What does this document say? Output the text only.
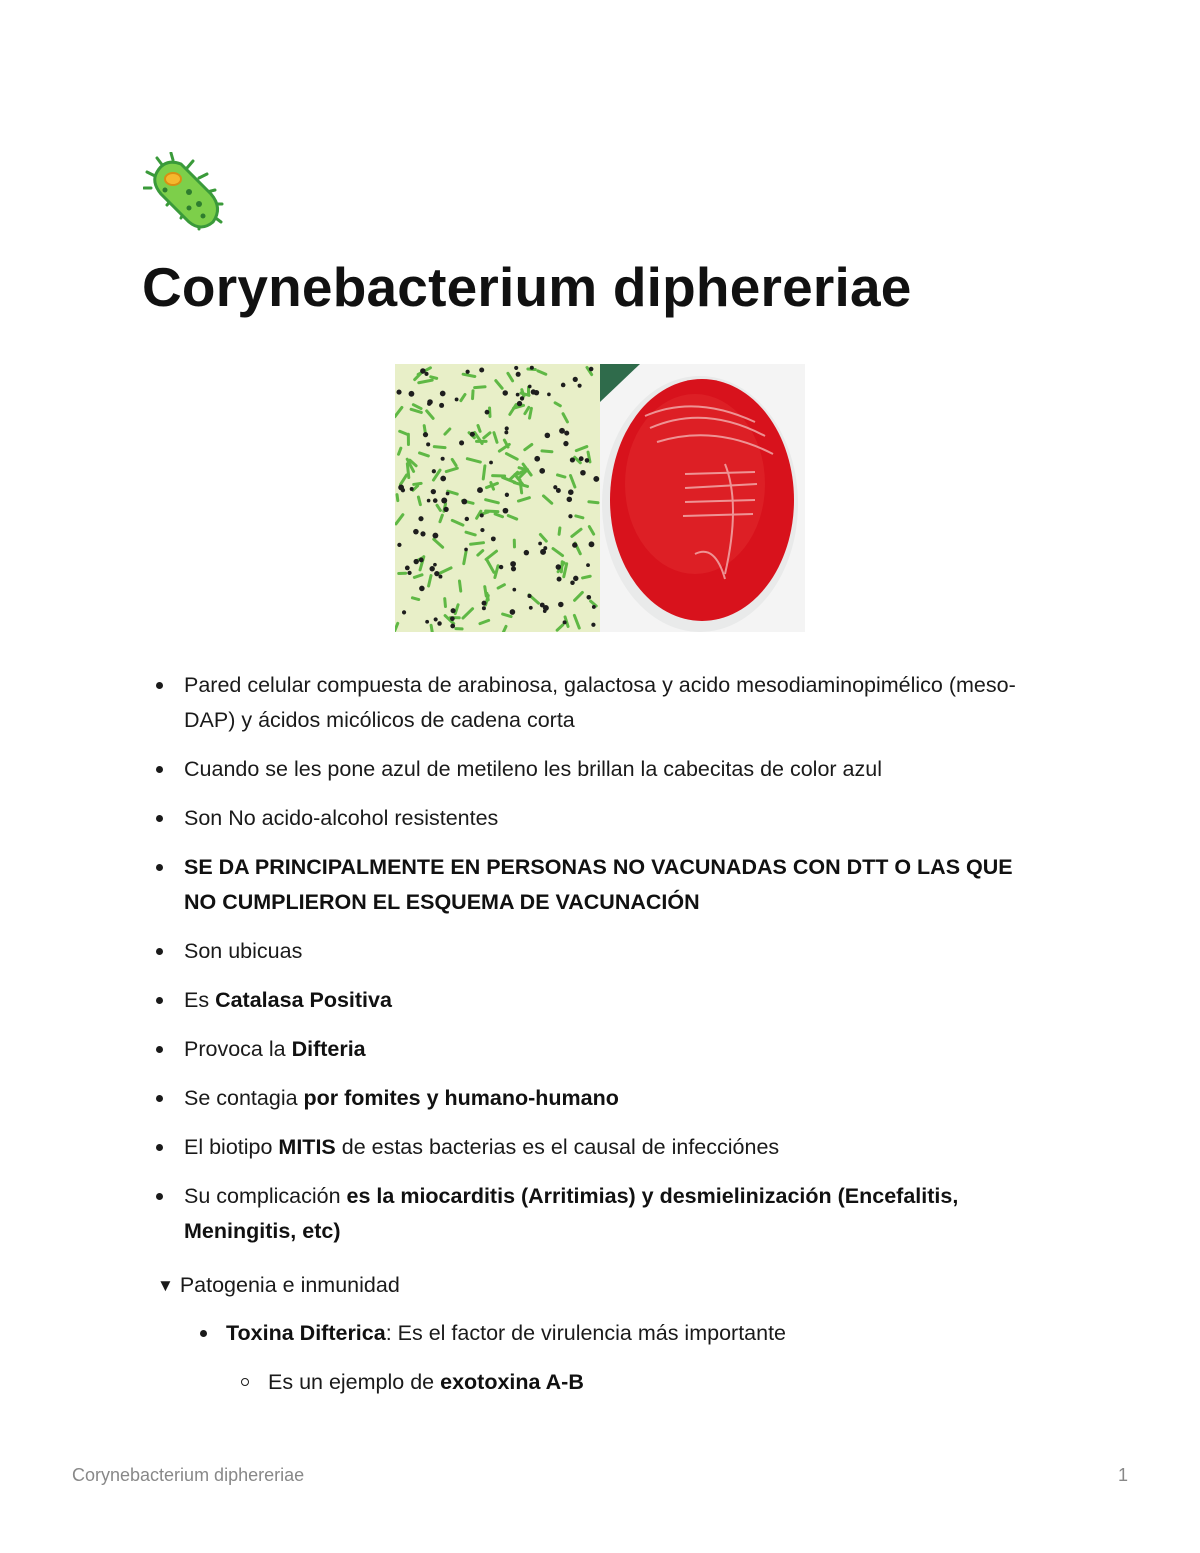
Corynebacterium diphereriae
Pared celular compuesta de arabinosa, galactosa y acido mesodiaminopimélico (meso-DAP) y ácidos micólicos de cadena corta
Cuando se les pone azul de metileno les brillan la cabecitas de color azul
Son No acido-alcohol resistentes
SE DA PRINCIPALMENTE EN PERSONAS NO VACUNADAS CON DTT O LAS QUE NO CUMPLIERON EL ESQUEMA DE VACUNACIÓN
Son ubicuas
Es Catalasa Positiva
Provoca la Difteria
Se contagia por fomites y humano-humano
El biotipo MITIS de estas bacterias es el causal de infecciónes
Su complicación es la miocarditis (Arritimias) y desmielinización (Encefalitis, Meningitis, etc)
▼ Patogenia e inmunidad
Toxina Difterica: Es el factor de virulencia más importante
Es un ejemplo de exotoxina A-B
Corynebacterium diphereriae	1
